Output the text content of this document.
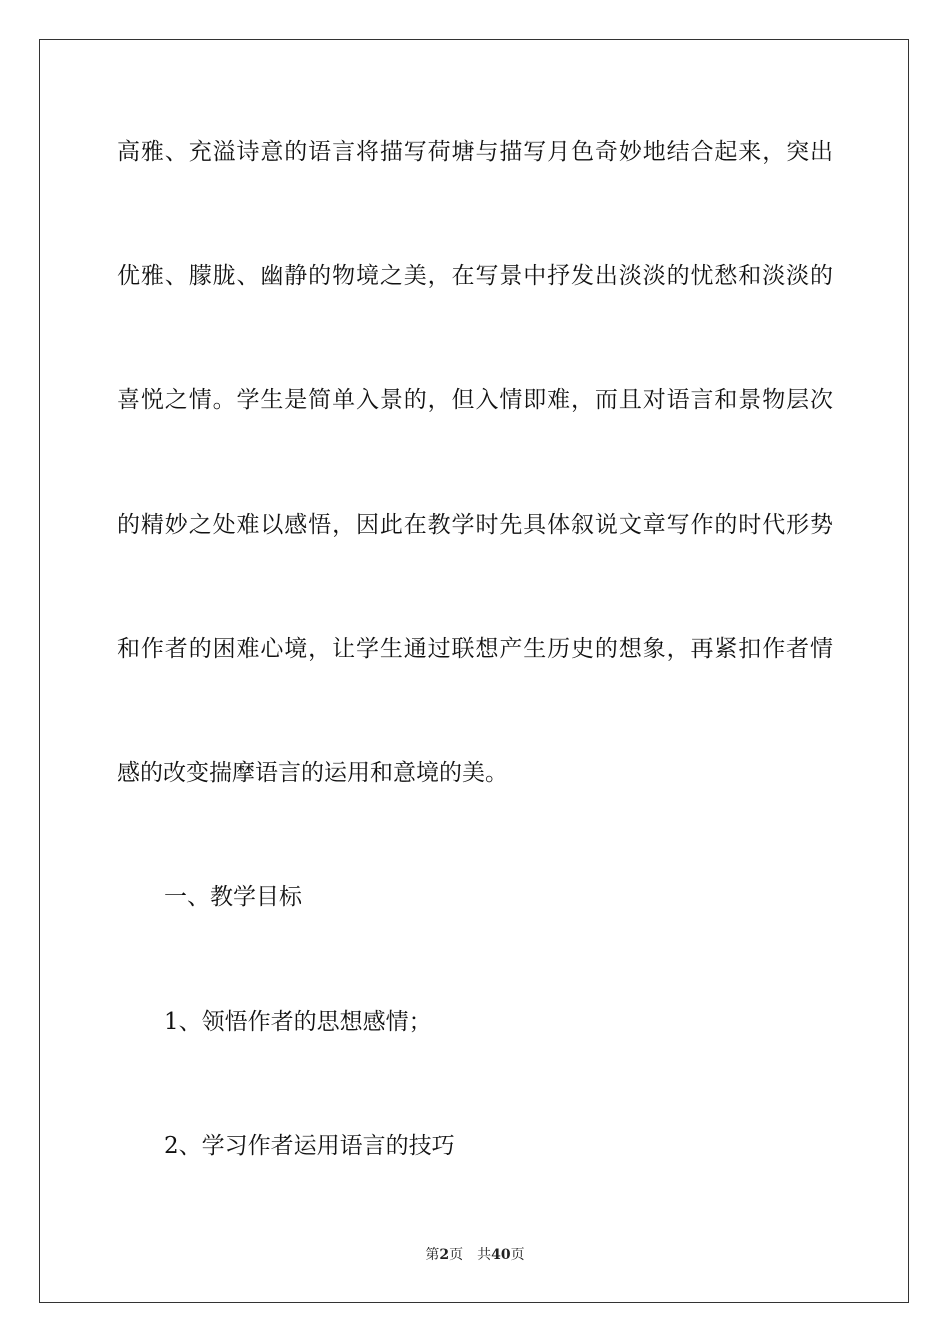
高雅、充溢诗意的语言将描写荷塘与描写月色奇妙地结合起来，突出
优雅、朦胧、幽静的物境之美，在写景中抒发出淡淡的忧愁和淡淡的
喜悦之情。学生是简单入景的，但入情即难，而且对语言和景物层次
的精妙之处难以感悟，因此在教学时先具体叙说文章写作的时代形势
和作者的困难心境，让学生通过联想产生历史的想象，再紧扣作者情
感的改变揣摩语言的运用和意境的美。
一、教学目标
1、领悟作者的思想感情；
2、学习作者运用语言的技巧
第2页 共40页
